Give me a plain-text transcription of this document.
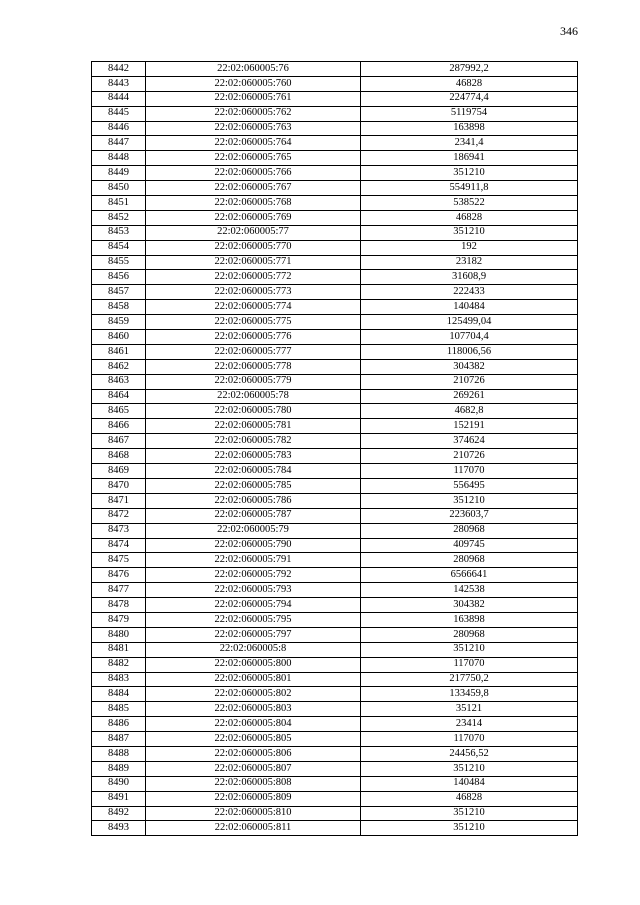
346
8442	22:02:060005:76	287992,2
8443	22:02:060005:760	46828
8444	22:02:060005:761	224774,4
8445	22:02:060005:762	5119754
8446	22:02:060005:763	163898
8447	22:02:060005:764	2341,4
8448	22:02:060005:765	186941
8449	22:02:060005:766	351210
8450	22:02:060005:767	554911,8
8451	22:02:060005:768	538522
8452	22:02:060005:769	46828
8453	22:02:060005:77	351210
8454	22:02:060005:770	192
8455	22:02:060005:771	23182
8456	22:02:060005:772	31608,9
8457	22:02:060005:773	222433
8458	22:02:060005:774	140484
8459	22:02:060005:775	125499,04
8460	22:02:060005:776	107704,4
8461	22:02:060005:777	118006,56
8462	22:02:060005:778	304382
8463	22:02:060005:779	210726
8464	22:02:060005:78	269261
8465	22:02:060005:780	4682,8
8466	22:02:060005:781	152191
8467	22:02:060005:782	374624
8468	22:02:060005:783	210726
8469	22:02:060005:784	117070
8470	22:02:060005:785	556495
8471	22:02:060005:786	351210
8472	22:02:060005:787	223603,7
8473	22:02:060005:79	280968
8474	22:02:060005:790	409745
8475	22:02:060005:791	280968
8476	22:02:060005:792	6566641
8477	22:02:060005:793	142538
8478	22:02:060005:794	304382
8479	22:02:060005:795	163898
8480	22:02:060005:797	280968
8481	22:02:060005:8	351210
8482	22:02:060005:800	117070
8483	22:02:060005:801	217750,2
8484	22:02:060005:802	133459,8
8485	22:02:060005:803	35121
8486	22:02:060005:804	23414
8487	22:02:060005:805	117070
8488	22:02:060005:806	24456,52
8489	22:02:060005:807	351210
8490	22:02:060005:808	140484
8491	22:02:060005:809	46828
8492	22:02:060005:810	351210
8493	22:02:060005:811	351210
